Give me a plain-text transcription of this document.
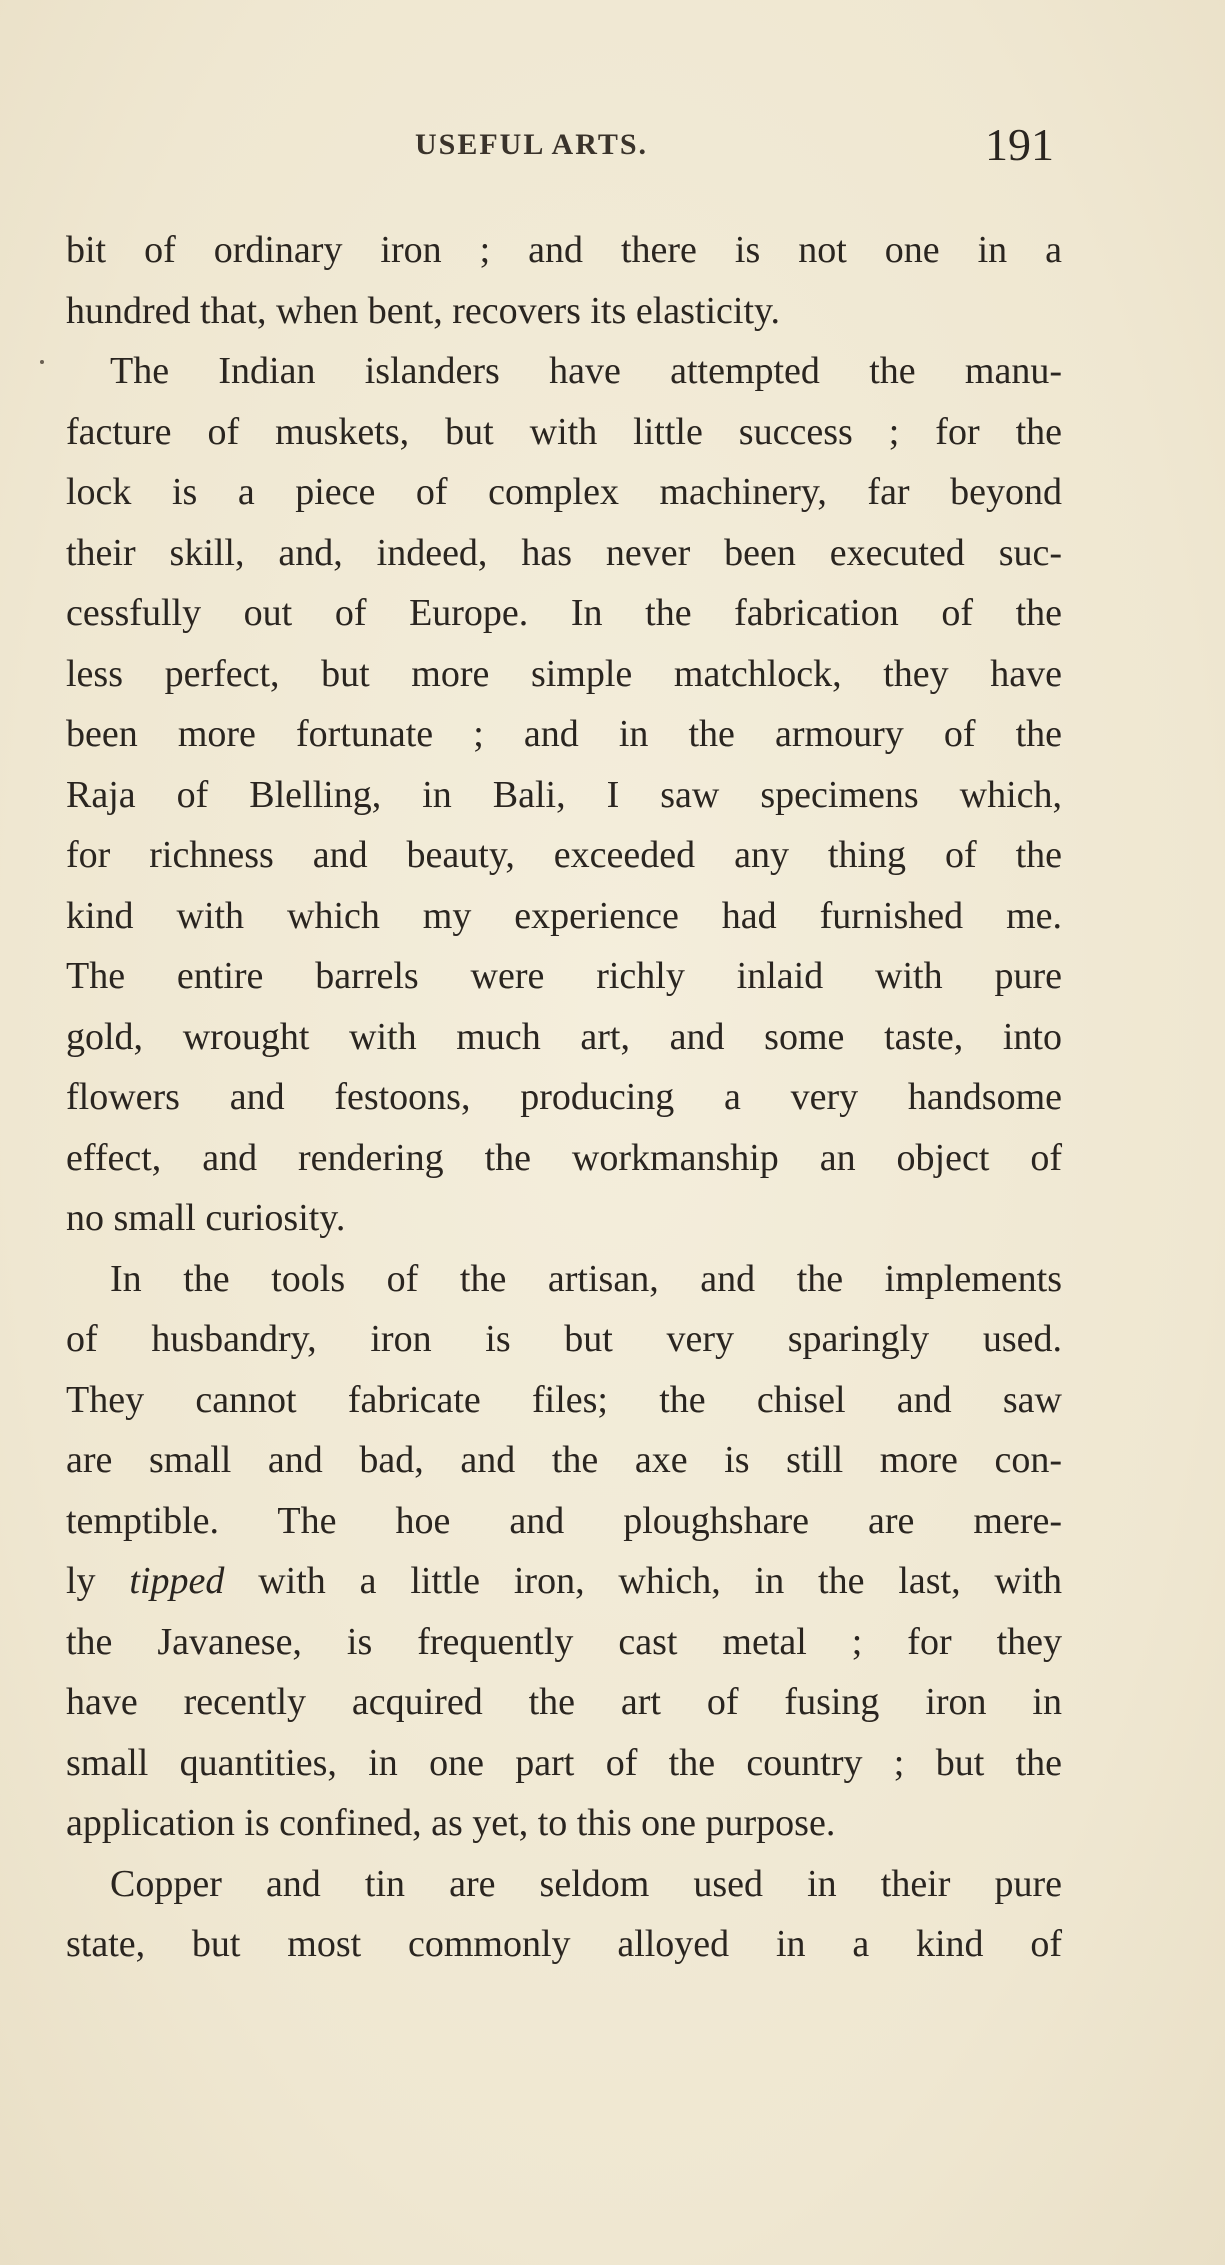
USEFUL ARTS.	191
bit of ordinary iron ; and there is not one in a
hundred that, when bent, recovers its elasticity.
The Indian islanders have attempted the manu-
facture of muskets, but with little success ; for the
lock is a piece of complex machinery, far beyond
their skill, and, indeed, has never been executed suc-
cessfully out of Europe. In the fabrication of the
less perfect, but more simple matchlock, they have
been more fortunate ; and in the armoury of the
Raja of Blelling, in Bali, I saw specimens which,
for richness and beauty, exceeded any thing of the
kind with which my experience had furnished me.
The entire barrels were richly inlaid with pure
gold, wrought with much art, and some taste, into
flowers and festoons, producing a very handsome
effect, and rendering the workmanship an object of
no small curiosity.
In the tools of the artisan, and the implements
of husbandry, iron is but very sparingly used.
They cannot fabricate files; the chisel and saw
are small and bad, and the axe is still more con-
temptible. The hoe and ploughshare are mere-
ly tipped with a little iron, which, in the last, with
the Javanese, is frequently cast metal ; for they
have recently acquired the art of fusing iron in
small quantities, in one part of the country ; but the
application is confined, as yet, to this one purpose.
Copper and tin are seldom used in their pure
state, but most commonly alloyed in a kind of
